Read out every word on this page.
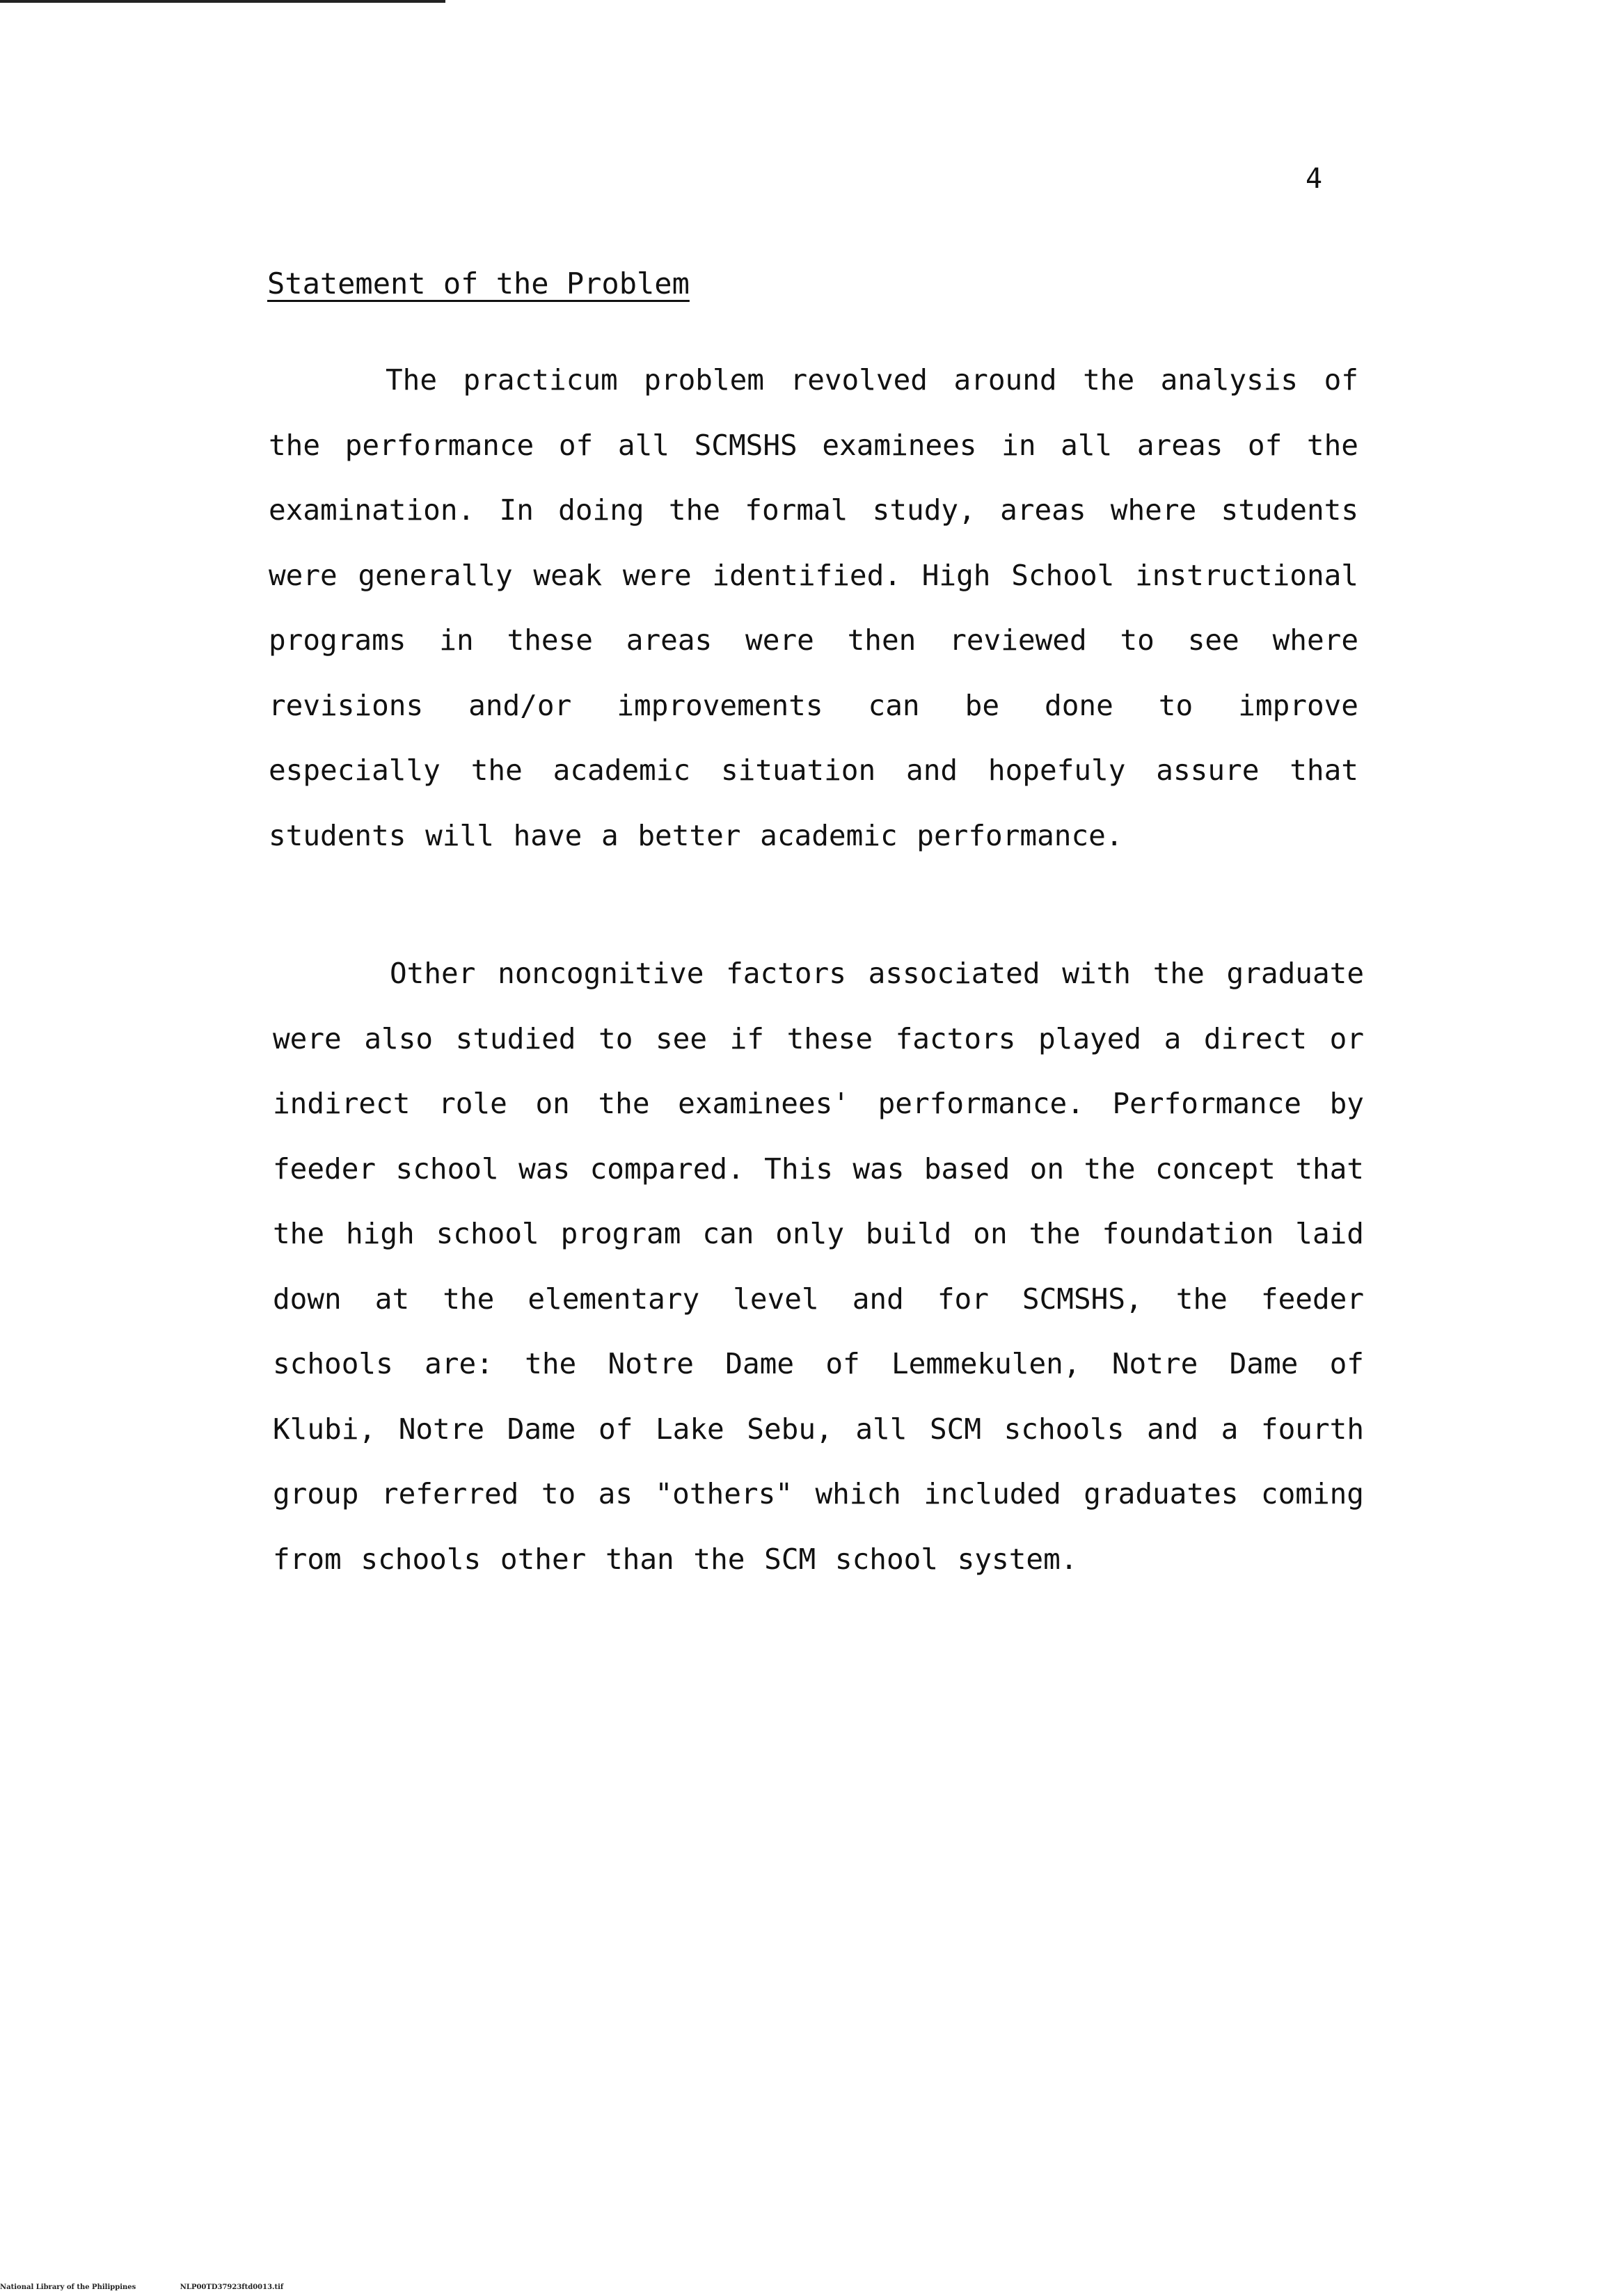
4
Statement of the Problem

The practicum problem revolved around the analysis of the performance of all SCMSHS examinees in all areas of the examination. In doing the formal study, areas where students were generally weak were identified. High School instructional programs in these areas were then reviewed to see where revisions and/or improvements can be done to improve especially the academic situation and hopefuly assure that students will have a better academic performance.

Other noncognitive factors associated with the graduate were also studied to see if these factors played a direct or indirect role on the examinees' performance. Performance by feeder school was compared. This was based on the concept that the high school program can only build on the foundation laid down at the elementary level and for SCMSHS, the feeder schools are: the Notre Dame of Lemmekulen, Notre Dame of Klubi, Notre Dame of Lake Sebu, all SCM schools and a fourth group referred to as "others" which included graduates coming from schools other than the SCM school system.

National Library of the Philippines	NLP00TD37923ftd0013.tif
